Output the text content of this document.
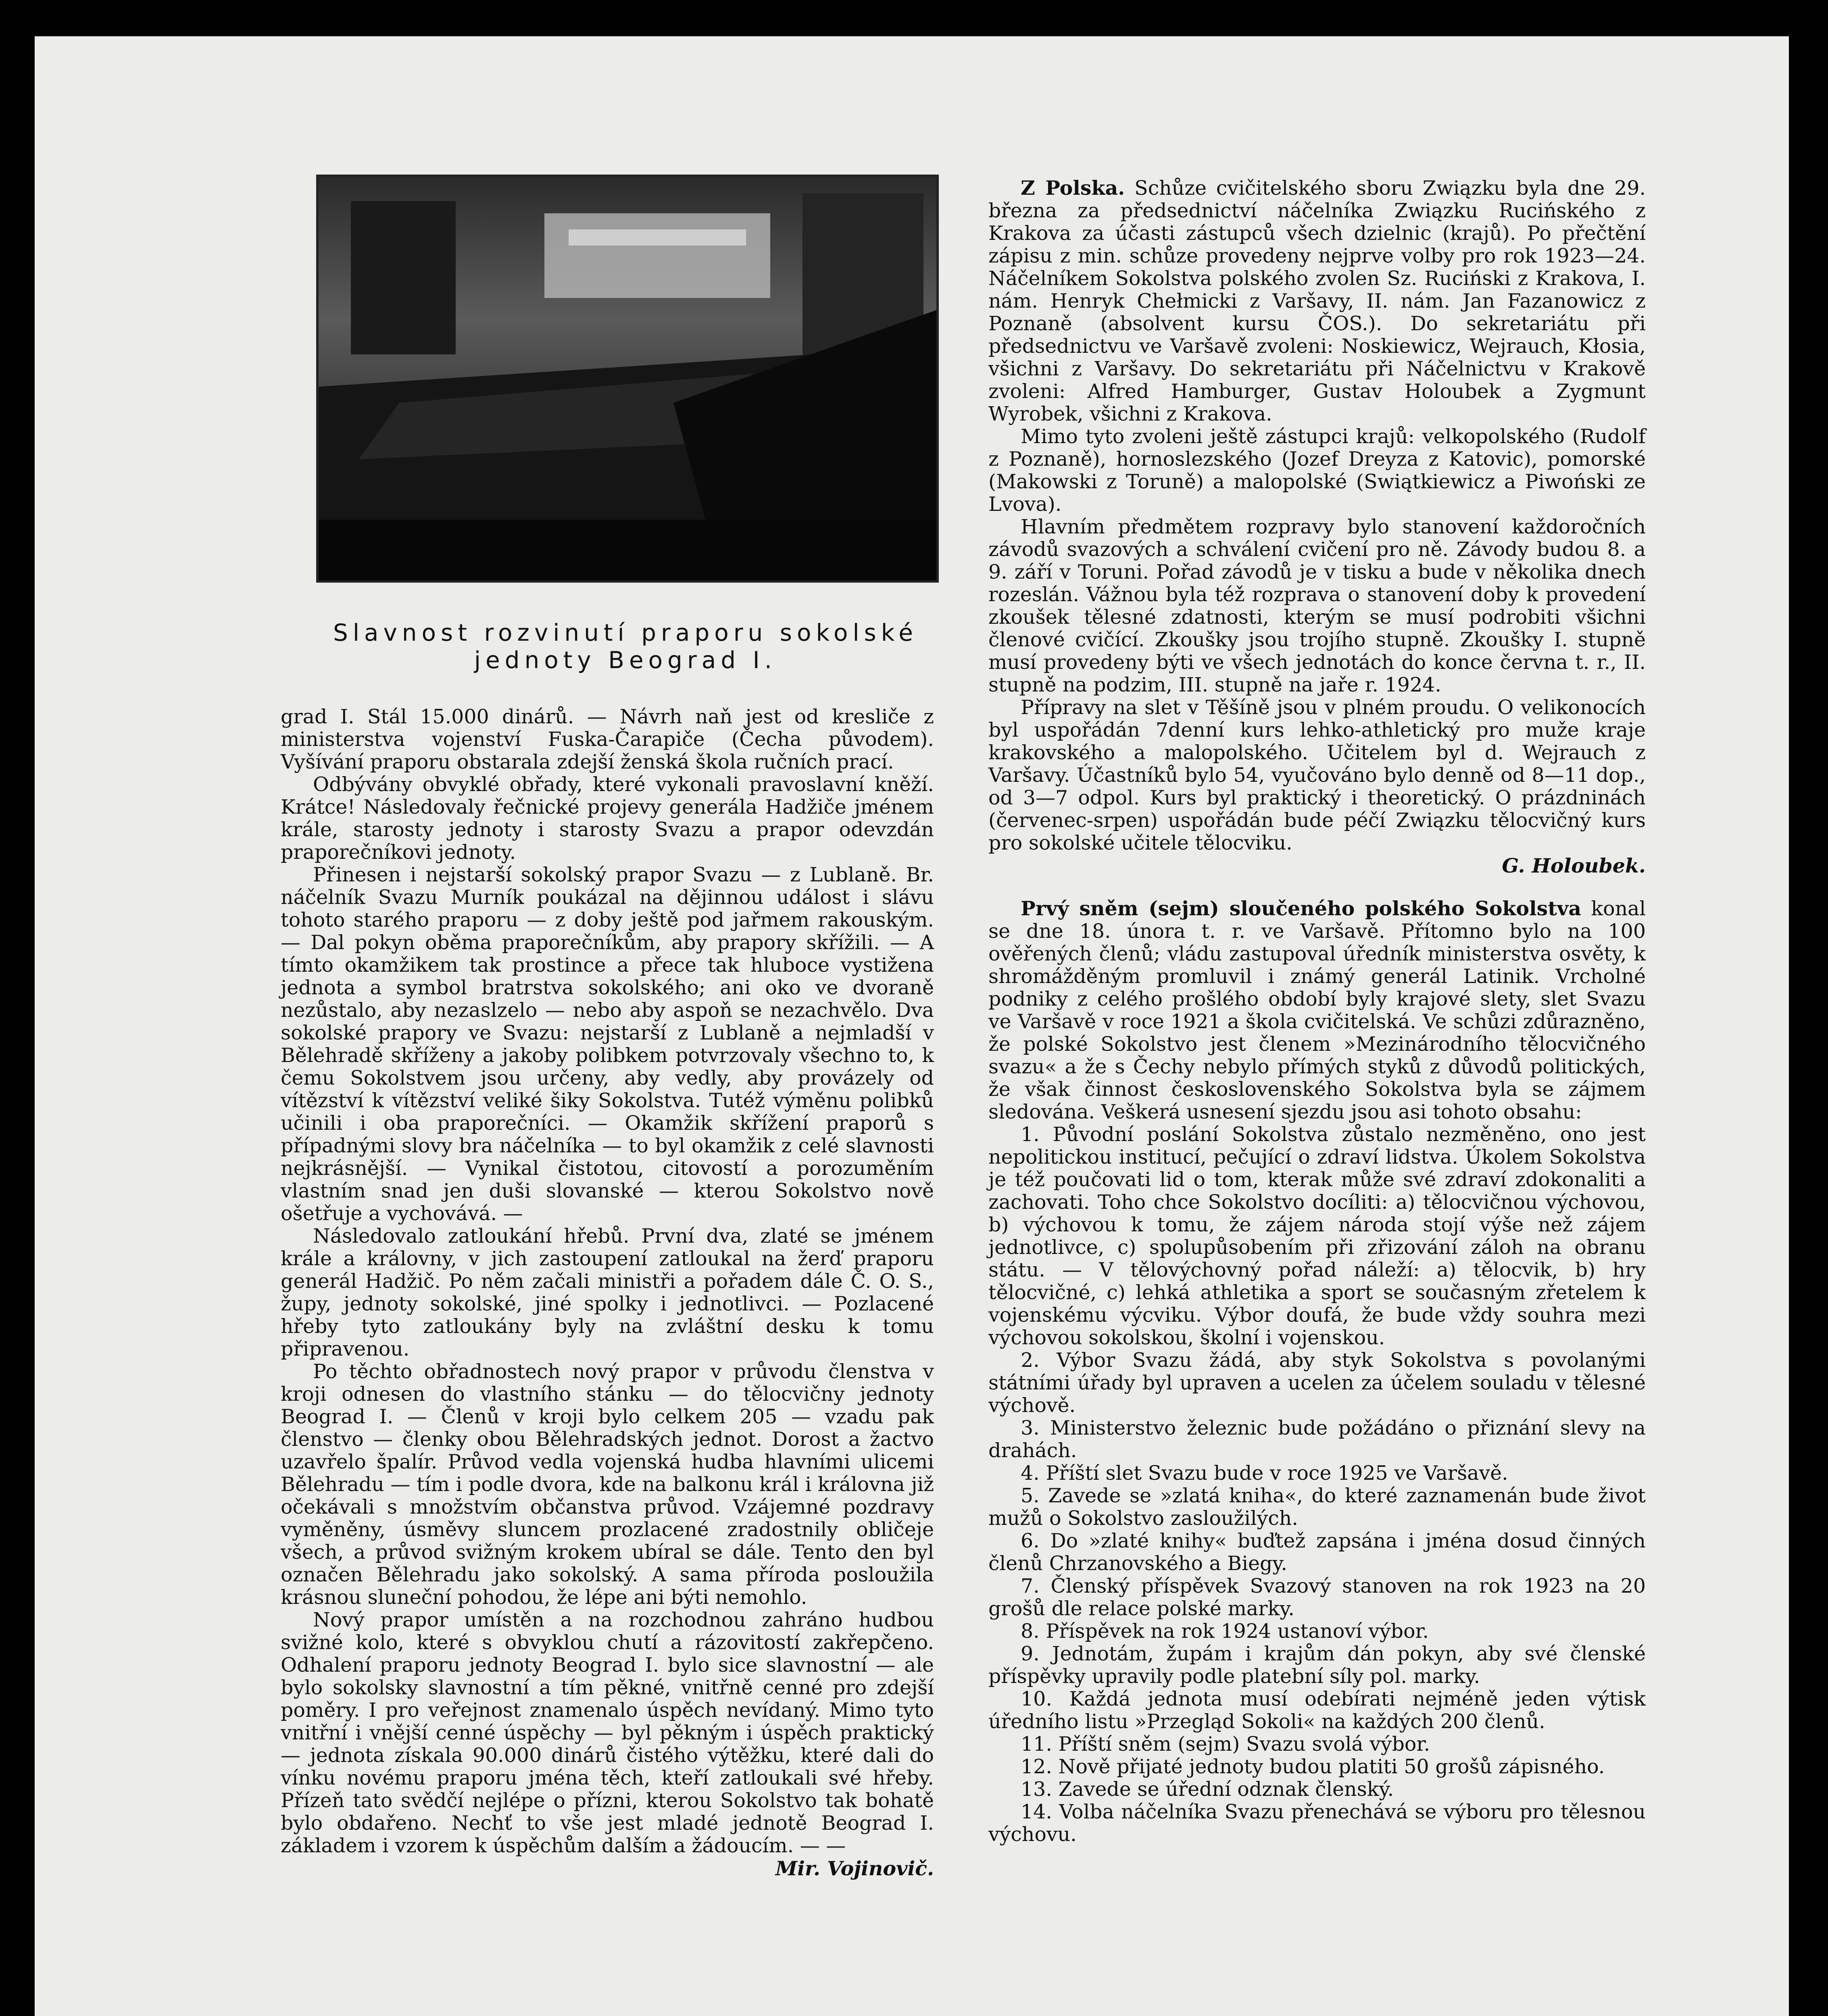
Slavnost rozvinutí praporu sokolské jednoty Beograd I.

grad I. Stál 15.000 dinárů. — Návrh naň jest od kresliče z ministerstva vojenství Fuska-Čarapiče (Čecha původem). Vyšívání praporu obstarala zdejší ženská škola ručních prací.

Odbývány obvyklé obřady, které vykonali pravoslavní kněží. Krátce! Následovaly řečnické projevy generála Hadžiče jménem krále, starosty jednoty i starosty Svazu a prapor odevzdán praporečníkovi jednoty.

Přinesen i nejstarší sokolský prapor Svazu — z Lublaně. Br. náčelník Svazu Murník poukázal na dějinnou událost i slávu tohoto starého praporu — z doby ještě pod jařmem rakouským. — Dal pokyn oběma praporečníkům, aby prapory skřížili. — A tímto okamžikem tak prostince a přece tak hluboce vystižena jednota a symbol bratrstva sokolského; ani oko ve dvoraně nezůstalo, aby nezaslzelo — nebo aby aspoň se nezachvělo. Dva sokolské prapory ve Svazu: nejstarší z Lublaně a nejmladší v Bělehradě skříženy a jakoby polibkem potvrzovaly všechno to, k čemu Sokolstvem jsou určeny, aby vedly, aby provázely od vítězství k vítězství veliké šiky Sokolstva. Tutéž výměnu polibků učinili i oba praporečníci. — Okamžik skřížení praporů s případnými slovy bra náčelníka — to byl okamžik z celé slavnosti nejkrásnější. — Vynikal čistotou, citovostí a porozuměním vlastním snad jen duši slovanské — kterou Sokolstvo nově ošetřuje a vychovává. —

Následovalo zatloukání hřebů. První dva, zlaté se jménem krále a královny, v jich zastoupení zatloukal na žerď praporu generál Hadžič. Po něm začali ministři a pořadem dále Č. O. S., župy, jednoty sokolské, jiné spolky i jednotlivci. — Pozlacené hřeby tyto zatloukány byly na zvláštní desku k tomu připravenou.

Po těchto obřadnostech nový prapor v průvodu členstva v kroji odnesen do vlastního stánku — do tělocvičny jednoty Beograd I. — Členů v kroji bylo celkem 205 — vzadu pak členstvo — členky obou Bělehradských jednot. Dorost a žactvo uzavřelo špalír. Průvod vedla vojenská hudba hlavními ulicemi Bělehradu — tím i podle dvora, kde na balkonu král i královna již očekávali s množstvím občanstva průvod. Vzájemné pozdravy vyměněny, úsměvy sluncem prozlacené zradostnily obličeje všech, a průvod svižným krokem ubíral se dále. Tento den byl označen Bělehradu jako sokolský. A sama příroda posloužila krásnou sluneční pohodou, že lépe ani býti nemohlo.

Nový prapor umístěn a na rozchodnou zahráno hudbou svižné kolo, které s obvyklou chutí a rázovitostí zakřepčeno. Odhalení praporu jednoty Beograd I. bylo sice slavnostní — ale bylo sokolsky slavnostní a tím pěkné, vnitřně cenné pro zdejší poměry. I pro veřejnost znamenalo úspěch nevídaný. Mimo tyto vnitřní i vnější cenné úspěchy — byl pěkným i úspěch praktický — jednota získala 90.000 dinárů čistého výtěžku, které dali do vínku novému praporu jména těch, kteří zatloukali své hřeby. Přízeň tato svědčí nejlépe o přízni, kterou Sokolstvo tak bohatě bylo obdařeno. Nechť to vše jest mladé jednotě Beograd I. základem i vzorem k úspěchům dalším a žádoucím. — —

Mir. Vojinovič.

Z Polska. Schůze cvičitelského sboru Związku byla dne 29. března za předsednictví náčelníka Związku Rucińského z Krakova za účasti zástupců všech dzielnic (krajů). Po přečtění zápisu z min. schůze provedeny nejprve volby pro rok 1923—24. Náčelníkem Sokolstva polského zvolen Sz. Ruciński z Krakova, I. nám. Henryk Chełmicki z Varšavy, II. nám. Jan Fazanowicz z Poznaně (absolvent kursu ČOS.). Do sekretariátu při předsednictvu ve Varšavě zvoleni: Noskiewicz, Wejrauch, Kłosia, všichni z Varšavy. Do sekretariátu při Náčelnictvu v Krakově zvoleni: Alfred Hamburger, Gustav Holoubek a Zygmunt Wyrobek, všichni z Krakova.

Mimo tyto zvoleni ještě zástupci krajů: velkopolského (Rudolf z Poznaně), hornoslezského (Jozef Dreyza z Katovic), pomorské (Makowski z Toruně) a malopolské (Swiątkiewicz a Piwoński ze Lvova).

Hlavním předmětem rozpravy bylo stanovení každoročních závodů svazových a schválení cvičení pro ně. Závody budou 8. a 9. září v Toruni. Pořad závodů je v tisku a bude v několika dnech rozeslán. Vážnou byla též rozprava o stanovení doby k provedení zkoušek tělesné zdatnosti, kterým se musí podrobiti všichni členové cvičící. Zkoušky jsou trojího stupně. Zkoušky I. stupně musí provedeny býti ve všech jednotách do konce června t. r., II. stupně na podzim, III. stupně na jaře r. 1924.

Přípravy na slet v Těšíně jsou v plném proudu. O velikonocích byl uspořádán 7denní kurs lehko-athletický pro muže kraje krakovského a malopolského. Učitelem byl d. Wejrauch z Varšavy. Účastníků bylo 54, vyučováno bylo denně od 8—11 dop., od 3—7 odpol. Kurs byl praktický i theoretický. O prázdninách (červenec-srpen) uspořádán bude péčí Związku tělocvičný kurs pro sokolské učitele tělocviku.

G. Holoubek.

Prvý sněm (sejm) sloučeného polského Sokolstva konal se dne 18. února t. r. ve Varšavě. Přítomno bylo na 100 ověřených členů; vládu zastupoval úředník ministerstva osvěty, k shromážděným promluvil i známý generál Latinik. Vrcholné podniky z celého prošlého období byly krajové slety, slet Svazu ve Varšavě v roce 1921 a škola cvičitelská. Ve schůzi zdůrazněno, že polské Sokolstvo jest členem »Mezinárodního tělocvičného svazu« a že s Čechy nebylo přímých styků z důvodů politických, že však činnost československého Sokolstva byla se zájmem sledována. Veškerá usnesení sjezdu jsou asi tohoto obsahu:

1. Původní poslání Sokolstva zůstalo nezměněno, ono jest nepolitickou institucí, pečující o zdraví lidstva. Úkolem Sokolstva je též poučovati lid o tom, kterak může své zdraví zdokonaliti a zachovati. Toho chce Sokolstvo docíliti: a) tělocvičnou výchovou, b) výchovou k tomu, že zájem národa stojí výše než zájem jednotlivce, c) spolupůsobením při zřizování záloh na obranu státu. — V tělovýchovný pořad náleží: a) tělocvik, b) hry tělocvičné, c) lehká athletika a sport se současným zřetelem k vojenskému výcviku. Výbor doufá, že bude vždy souhra mezi výchovou sokolskou, školní i vojenskou.

2. Výbor Svazu žádá, aby styk Sokolstva s povolanými státními úřady byl upraven a ucelen za účelem souladu v tělesné výchově.

3. Ministerstvo železnic bude požádáno o přiznání slevy na drahách.

4. Příští slet Svazu bude v roce 1925 ve Varšavě.

5. Zavede se »zlatá kniha«, do které zaznamenán bude život mužů o Sokolstvo zasloužilých.

6. Do »zlaté knihy« buďtež zapsána i jména dosud činných členů Chrzanovského a Biegy.

7. Členský příspěvek Svazový stanoven na rok 1923 na 20 grošů dle relace polské marky.

8. Příspěvek na rok 1924 ustanoví výbor.

9. Jednotám, župám i krajům dán pokyn, aby své členské příspěvky upravily podle platební síly pol. marky.

10. Každá jednota musí odebírati nejméně jeden výtisk úředního listu »Przegląd Sokoli« na každých 200 členů.

11. Příští sněm (sejm) Svazu svolá výbor.

12. Nově přijaté jednoty budou platiti 50 grošů zápisného.

13. Zavede se úřední odznak členský.

14. Volba náčelníka Svazu přenechává se výboru pro tělesnou výchovu.
